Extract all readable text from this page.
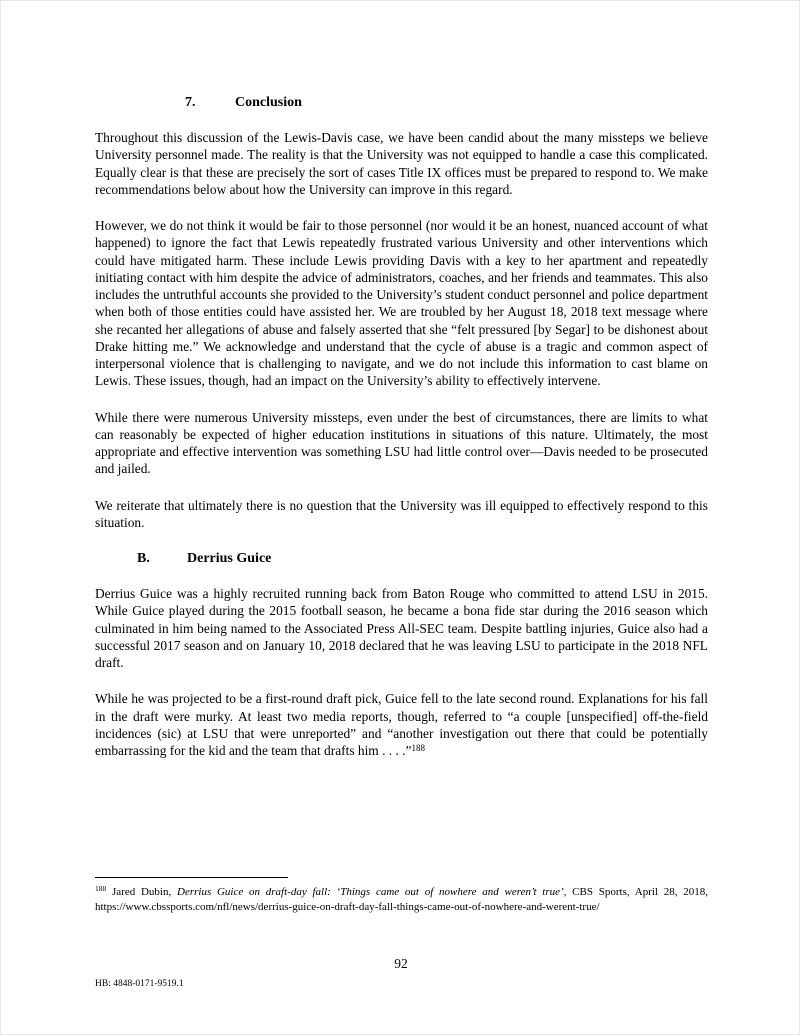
7.	Conclusion

Throughout this discussion of the Lewis-Davis case, we have been candid about the many missteps we believe University personnel made. The reality is that the University was not equipped to handle a case this complicated. Equally clear is that these are precisely the sort of cases Title IX offices must be prepared to respond to. We make recommendations below about how the University can improve in this regard.

However, we do not think it would be fair to those personnel (nor would it be an honest, nuanced account of what happened) to ignore the fact that Lewis repeatedly frustrated various University and other interventions which could have mitigated harm. These include Lewis providing Davis with a key to her apartment and repeatedly initiating contact with him despite the advice of administrators, coaches, and her friends and teammates. This also includes the untruthful accounts she provided to the University’s student conduct personnel and police department when both of those entities could have assisted her. We are troubled by her August 18, 2018 text message where she recanted her allegations of abuse and falsely asserted that she “felt pressured [by Segar] to be dishonest about Drake hitting me.” We acknowledge and understand that the cycle of abuse is a tragic and common aspect of interpersonal violence that is challenging to navigate, and we do not include this information to cast blame on Lewis. These issues, though, had an impact on the University’s ability to effectively intervene.

While there were numerous University missteps, even under the best of circumstances, there are limits to what can reasonably be expected of higher education institutions in situations of this nature. Ultimately, the most appropriate and effective intervention was something LSU had little control over—Davis needed to be prosecuted and jailed.

We reiterate that ultimately there is no question that the University was ill equipped to effectively respond to this situation.

B.	Derrius Guice

Derrius Guice was a highly recruited running back from Baton Rouge who committed to attend LSU in 2015. While Guice played during the 2015 football season, he became a bona fide star during the 2016 season which culminated in him being named to the Associated Press All-SEC team. Despite battling injuries, Guice also had a successful 2017 season and on January 10, 2018 declared that he was leaving LSU to participate in the 2018 NFL draft.

While he was projected to be a first-round draft pick, Guice fell to the late second round. Explanations for his fall in the draft were murky. At least two media reports, though, referred to “a couple [unspecified] off-the-field incidences (sic) at LSU that were unreported” and “another investigation out there that could be potentially embarrassing for the kid and the team that drafts him . . . .”$^{188}$

$^{188}$ Jared Dubin, Derrius Guice on draft-day fall: ‘Things came out of nowhere and weren’t true’, CBS Sports, April 28, 2018, https://www.cbssports.com/nfl/news/derrius-guice-on-draft-day-fall-things-came-out-of-nowhere-and-werent-true/
92
HB: 4848-0171-9519.1
